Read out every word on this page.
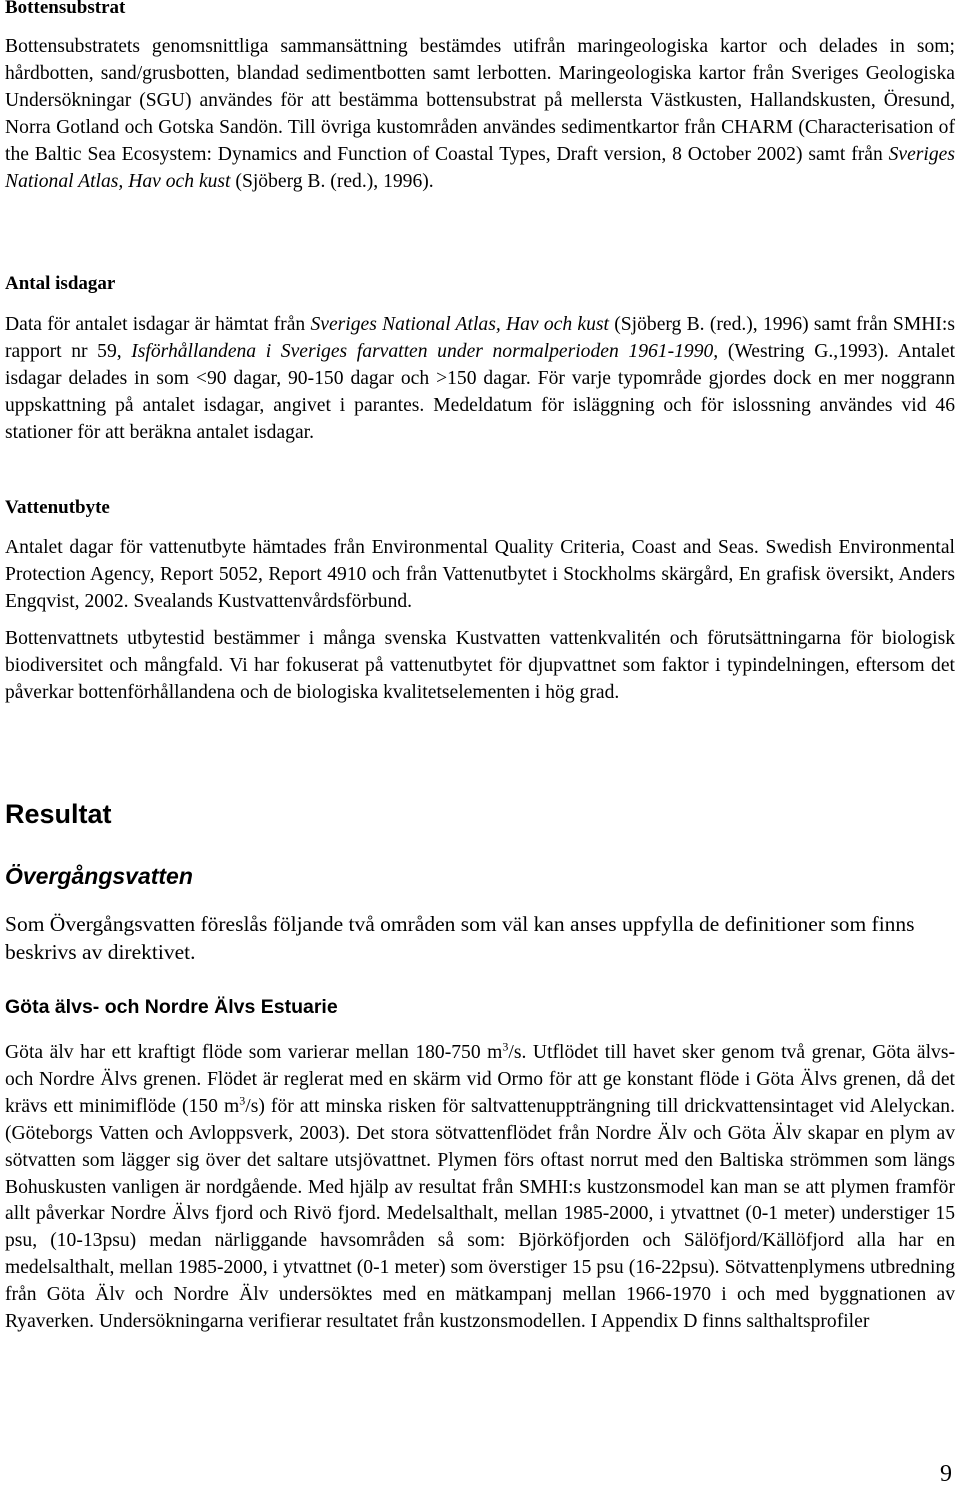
Bottensubstrat

Bottensubstratets genomsnittliga sammansättning bestämdes utifrån maringeologiska kartor och delades in som; hårdbotten, sand/grusbotten, blandad sedimentbotten samt lerbotten. Maringeologiska kartor från Sveriges Geologiska Undersökningar (SGU) användes för att bestämma bottensubstrat på mellersta Västkusten, Hallandskusten, Öresund, Norra Gotland och Gotska Sandön. Till övriga kustområden användes sedimentkartor från CHARM (Characterisation of the Baltic Sea Ecosystem: Dynamics and Function of Coastal Types, Draft version, 8 October 2002) samt från Sveriges National Atlas, Hav och kust (Sjöberg B. (red.), 1996).

Antal isdagar

Data för antalet isdagar är hämtat från Sveriges National Atlas, Hav och kust (Sjöberg B. (red.), 1996) samt från SMHI:s rapport nr 59, Isförhållandena i Sveriges farvatten under normalperioden 1961-1990, (Westring G.,1993). Antalet isdagar delades in som <90 dagar, 90-150 dagar och >150 dagar. För varje typområde gjordes dock en mer noggrann uppskattning på antalet isdagar, angivet i parantes. Medeldatum för isläggning och för islossning användes vid 46 stationer för att beräkna antalet isdagar.

Vattenutbyte

Antalet dagar för vattenutbyte hämtades från Environmental Quality Criteria, Coast and Seas. Swedish Environmental Protection Agency, Report 5052, Report 4910 och från Vattenutbytet i Stockholms skärgård, En grafisk översikt, Anders Engqvist, 2002. Svealands Kustvattenvårdsförbund.

Bottenvattnets utbytestid bestämmer i många svenska Kustvatten vattenkvalitén och förutsättningarna för biologisk biodiversitet och mångfald. Vi har fokuserat på vattenutbytet för djupvattnet som faktor i typindelningen, eftersom det påverkar bottenförhållandena och de biologiska kvalitetselementen i hög grad.

Resultat
Övergångsvatten

Som Övergångsvatten föreslås följande två områden som väl kan anses uppfylla de definitioner som finns beskrivs av direktivet.

Göta älvs- och Nordre Älvs Estuarie

Göta älv har ett kraftigt flöde som varierar mellan 180-750 $m^3/s$. Utflödet till havet sker genom två grenar, Göta älvs- och Nordre Älvs grenen. Flödet är reglerat med en skärm vid Ormo för att ge konstant flöde i Göta Älvs grenen, då det krävs ett minimiflöde (150 $m^3/s$) för att minska risken för saltvattenuppträngning till drickvattensintaget vid Alelyckan. (Göteborgs Vatten och Avloppsverk, 2003). Det stora sötvattenflödet från Nordre Älv och Göta Älv skapar en plym av sötvatten som lägger sig över det saltare utsjövattnet. Plymen förs oftast norrut med den Baltiska strömmen som längs Bohuskusten vanligen är nordgående. Med hjälp av resultat från SMHI:s kustzonsmodel kan man se att plymen framför allt påverkar Nordre Älvs fjord och Rivö fjord. Medelsalthalt, mellan 1985-2000, i ytvattnet (0-1 meter) understiger 15 psu, (10-13psu) medan närliggande havsområden så som: Björköfjorden och Sälöfjord/Källöfjord alla har en medelsalthalt, mellan 1985-2000, i ytvattnet (0-1 meter) som överstiger 15 psu (16-22psu). Sötvattenplymens utbredning från Göta Älv och Nordre Älv undersöktes med en mätkampanj mellan 1966-1970 i och med byggnationen av Ryaverken. Undersökningarna verifierar resultatet från kustzonsmodellen. I Appendix D finns salthaltsprofiler

9
